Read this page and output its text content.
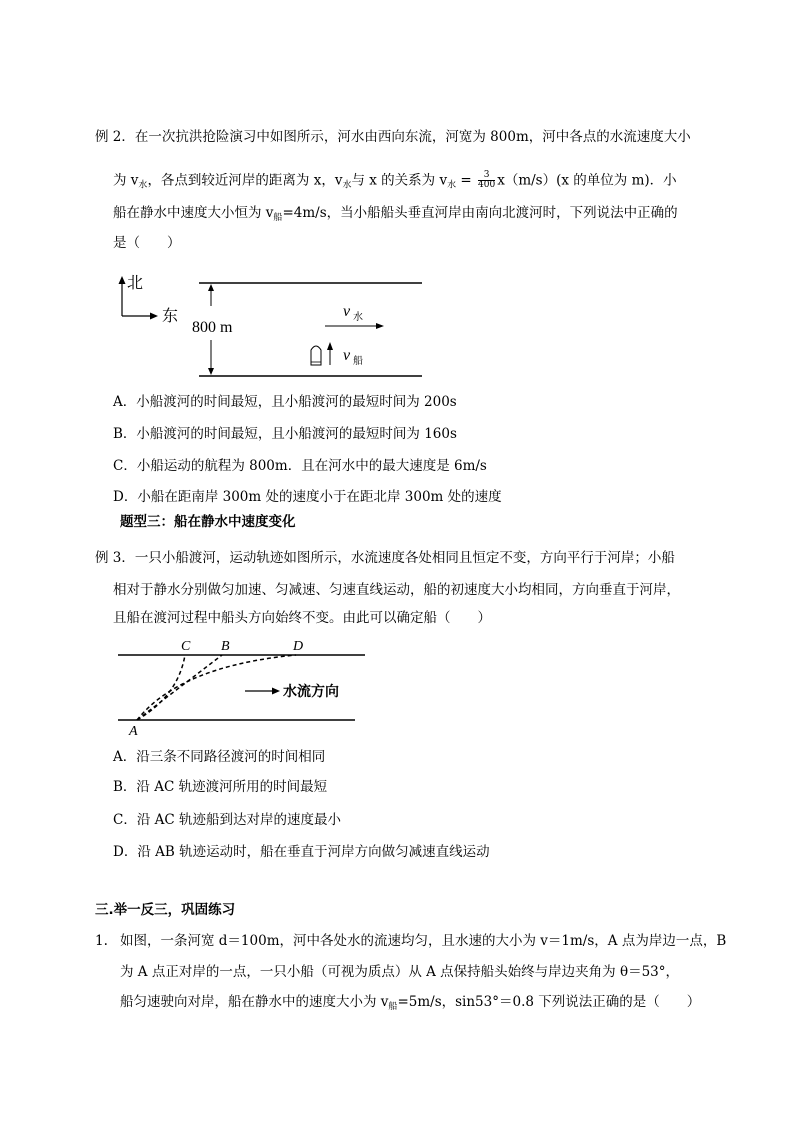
例 2．在一次抗洪抢险演习中如图所示，河水由西向东流，河宽为 800m，河中各点的水流速度大小
为 $v_水$，各点到较近河岸的距离为 x，$v_水$与 x 的关系为 $v_水 = \frac{3}{400} x(m/s)(x$ 的单位为 m)．小
船在静水中速度大小恒为 $v_船=4m/s$，当小船船头垂直河岸由南向北渡河时，下列说法中正确的
是（　　）
北
东
800 m
v 水
v 船
A．小船渡河的时间最短，且小船渡河的最短时间为 200s
B．小船渡河的时间最短，且小船渡河的最短时间为 160s
C．小船运动的航程为 800m．且在河水中的最大速度是 6m/s
D．小船在距南岸 300m 处的速度小于在距北岸 300m 处的速度
题型三：船在静水中速度变化
例 3．一只小船渡河，运动轨迹如图所示，水流速度各处相同且恒定不变，方向平行于河岸；小船
相对于静水分别做匀加速、匀减速、匀速直线运动，船的初速度大小均相同，方向垂直于河岸，
且船在渡河过程中船头方向始终不变。由此可以确定船（　　）
C B	D
A
水流方向
A．沿三条不同路径渡河的时间相同
B．沿 AC 轨迹渡河所用的时间最短
C．沿 AC 轨迹船到达对岸的速度最小
D．沿 AB 轨迹运动时，船在垂直于河岸方向做匀减速直线运动
三.举一反三，巩固练习
1. 如图，一条河宽 d＝100m，河中各处水的流速均匀，且水速的大小为 v＝1m/s，A 点为岸边一点，B
为 A 点正对岸的一点，一只小船（可视为质点）从 A 点保持船头始终与岸边夹角为 θ＝53°，
船匀速驶向对岸，船在静水中的速度大小为 $v_船=5m/s$，sin53°＝0.8 下列说法正确的是（　　）
